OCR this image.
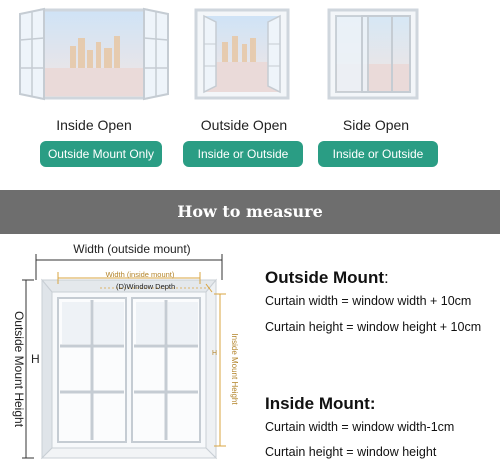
Inside Open	Outside Open	Side Open
Outside Mount Only	Inside or Outside Mount
Inside or Outside Mount
How to measure
Width (outside mount)
Width (inside mount)
(D)Window Depth
Outside Mount Height H	Inside Mount Height
H
Outside Mount:
Curtain width = window width + 10cm
Curtain height = window height + 10cm
Inside Mount:
Curtain width = window width-1cm
Curtain height = window height
